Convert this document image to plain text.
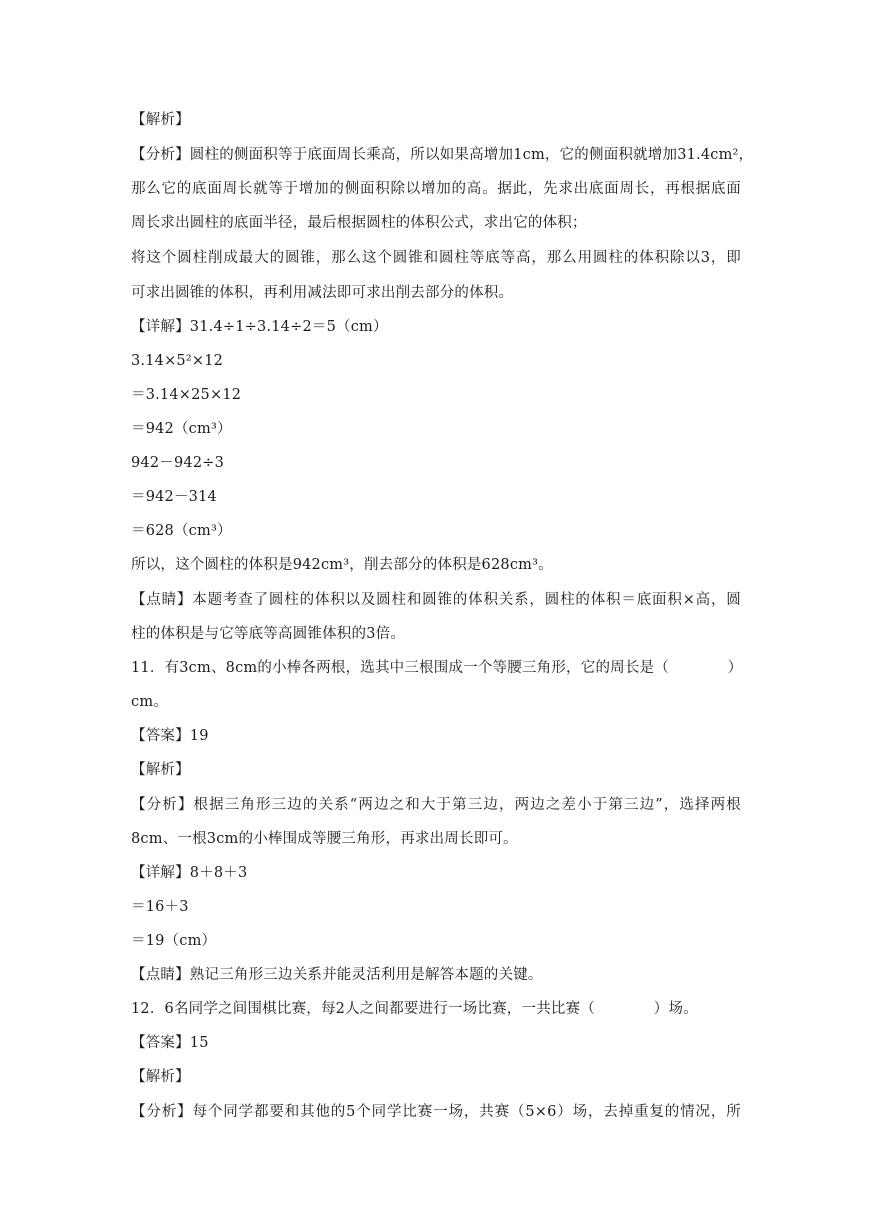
【解析】
【分析】圆柱的侧面积等于底面周长乘高，所以如果高增加1cm，它的侧面积就增加31.4cm²，
那么它的底面周长就等于增加的侧面积除以增加的高。据此，先求出底面周长，再根据底面
周长求出圆柱的底面半径，最后根据圆柱的体积公式，求出它的体积；
将这个圆柱削成最大的圆锥，那么这个圆锥和圆柱等底等高，那么用圆柱的体积除以3，即
可求出圆锥的体积，再利用减法即可求出削去部分的体积。
【详解】31.4÷1÷3.14÷2＝5（cm）
3.14×5²×12
＝3.14×25×12
＝942（cm³）
942－942÷3
＝942－314
＝628（cm³）
所以，这个圆柱的体积是942cm³，削去部分的体积是628cm³。
【点睛】本题考查了圆柱的体积以及圆柱和圆锥的体积关系，圆柱的体积＝底面积×高，圆
柱的体积是与它等底等高圆锥体积的3倍。
11．有3cm、8cm的小棒各两根，选其中三根围成一个等腰三角形，它的周长是（　　　　）
cm。
【答案】19
【解析】
【分析】根据三角形三边的关系“两边之和大于第三边，两边之差小于第三边”，选择两根
8cm、一根3cm的小棒围成等腰三角形，再求出周长即可。
【详解】8＋8＋3
＝16＋3
＝19（cm）
【点睛】熟记三角形三边关系并能灵活利用是解答本题的关键。
12．6名同学之间围棋比赛，每2人之间都要进行一场比赛，一共比赛（　　　　）场。
【答案】15
【解析】
【分析】每个同学都要和其他的5个同学比赛一场，共赛（5×6）场，去掉重复的情况，所
